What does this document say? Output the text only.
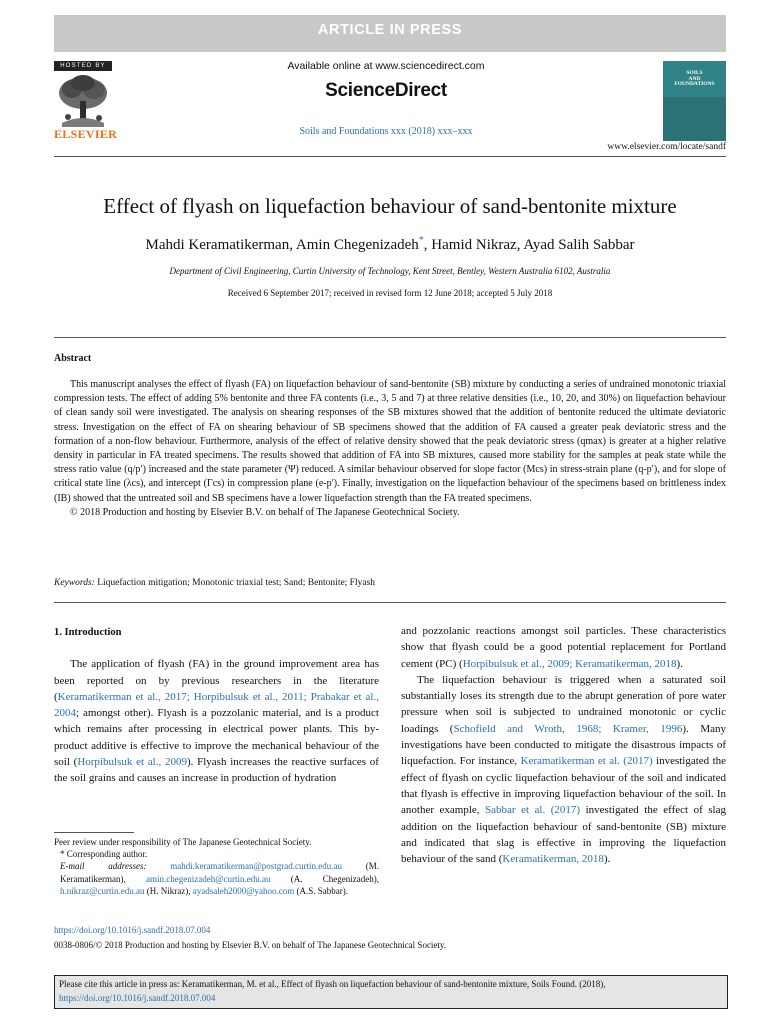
ARTICLE IN PRESS
HOSTED BY
ELSEVIER
Available online at www.sciencedirect.com
ScienceDirect
Soils and Foundations xxx (2018) xxx–xxx
SOILS
AND
FOUNDATIONS
www.elsevier.com/locate/sandf
Effect of flyash on liquefaction behaviour of sand-bentonite mixture
Mahdi Keramatikerman, Amin Chegenizadeh*, Hamid Nikraz, Ayad Salih Sabbar
Department of Civil Engineering, Curtin University of Technology, Kent Street, Bentley, Western Australia 6102, Australia
Received 6 September 2017; received in revised form 12 June 2018; accepted 5 July 2018
Abstract

This manuscript analyses the effect of flyash (FA) on liquefaction behaviour of sand-bentonite (SB) mixture by conducting a series of undrained monotonic triaxial compression tests. The effect of adding 5% bentonite and three FA contents (i.e., 3, 5 and 7) at three relative densities (i.e., 10, 20, and 30%) on liquefaction behaviour of clean sandy soil were investigated. The analysis on shearing responses of the SB mixtures showed that the addition of bentonite reduced the ultimate deviatoric stress. Investigation on the effect of FA on shearing behaviour of SB specimens showed that the addition of FA caused a greater peak deviatoric stress and the formation of a non-flow behaviour. Furthermore, analysis of the effect of relative density showed that the peak deviatoric stress (qmax) is greater at a higher relative density in particular in FA treated specimens. The results showed that addition of FA into SB mixtures, caused more stability for the samples at peak state while the stress ratio value (q/p′) increased and the state parameter (Ψ) reduced. A similar behaviour observed for slope factor (Mcs) in stress-strain plane (q-p′), and for slope of critical state line (λcs), and intercept (Γcs) in compression plane (e-p′). Finally, investigation on the liquefaction behaviour of the specimens based on brittleness index (IB) showed that the untreated soil and SB specimens have a lower liquefaction strength than the FA treated specimens.

© 2018 Production and hosting by Elsevier B.V. on behalf of The Japanese Geotechnical Society.

Keywords: Liquefaction mitigation; Monotonic triaxial test; Sand; Bentonite; Flyash

1. Introduction

The application of flyash (FA) in the ground improvement area has been reported on by previous researchers in the literature (Keramatikerman et al., 2017; Horpibulsuk et al., 2011; Prabakar et al., 2004; amongst other). Flyash is a pozzolanic material, and is a product which remains after processing in electrical power plants. This by-product additive is effective to improve the mechanical behaviour of the soil (Horpibulsuk et al., 2009). Flyash increases the reactive surfaces of the soil grains and causes an increase in production of hydration

and pozzolanic reactions amongst soil particles. These characteristics show that flyash could be a good potential replacement for Portland cement (PC) (Horpibulsuk et al., 2009; Keramatikerman, 2018).

The liquefaction behaviour is triggered when a saturated soil substantially loses its strength due to the abrupt generation of pore water pressure when soil is subjected to undrained monotonic or cyclic loadings (Schofield and Wroth, 1968; Kramer, 1996). Many investigations have been conducted to mitigate the disastrous impacts of liquefaction. For instance, Keramatikerman et al. (2017) investigated the effect of flyash on cyclic liquefaction behaviour of the soil and indicated that flyash is effective in improving liquefaction behaviour of the soil. In another example, Sabbar et al. (2017) investigated the effect of slag addition on the liquefaction behaviour of sand-bentonite (SB) mixture and indicated that slag is effective in improving the liquefaction behaviour of the sand (Keramatikerman, 2018).

Peer review under responsibility of The Japanese Geotechnical Society.

* Corresponding author.

E-mail addresses:	mahdi.keramatikerman@postgrad.curtin.edu.au	(M. Keramatikerman), amin.chegenizadeh@curtin.edu.au (A. Chegenizadeh), h.nikraz@curtin.edu.au (H. Nikraz), ayadsaleh2000@yahoo.com (A.S. Sabbar).

https://doi.org/10.1016/j.sandf.2018.07.004
0038-0806/© 2018 Production and hosting by Elsevier B.V. on behalf of The Japanese Geotechnical Society.
Please cite this article in press as: Keramatikerman, M. et al., Effect of flyash on liquefaction behaviour of sand-bentonite mixture, Soils Found. (2018),
https://doi.org/10.1016/j.sandf.2018.07.004
